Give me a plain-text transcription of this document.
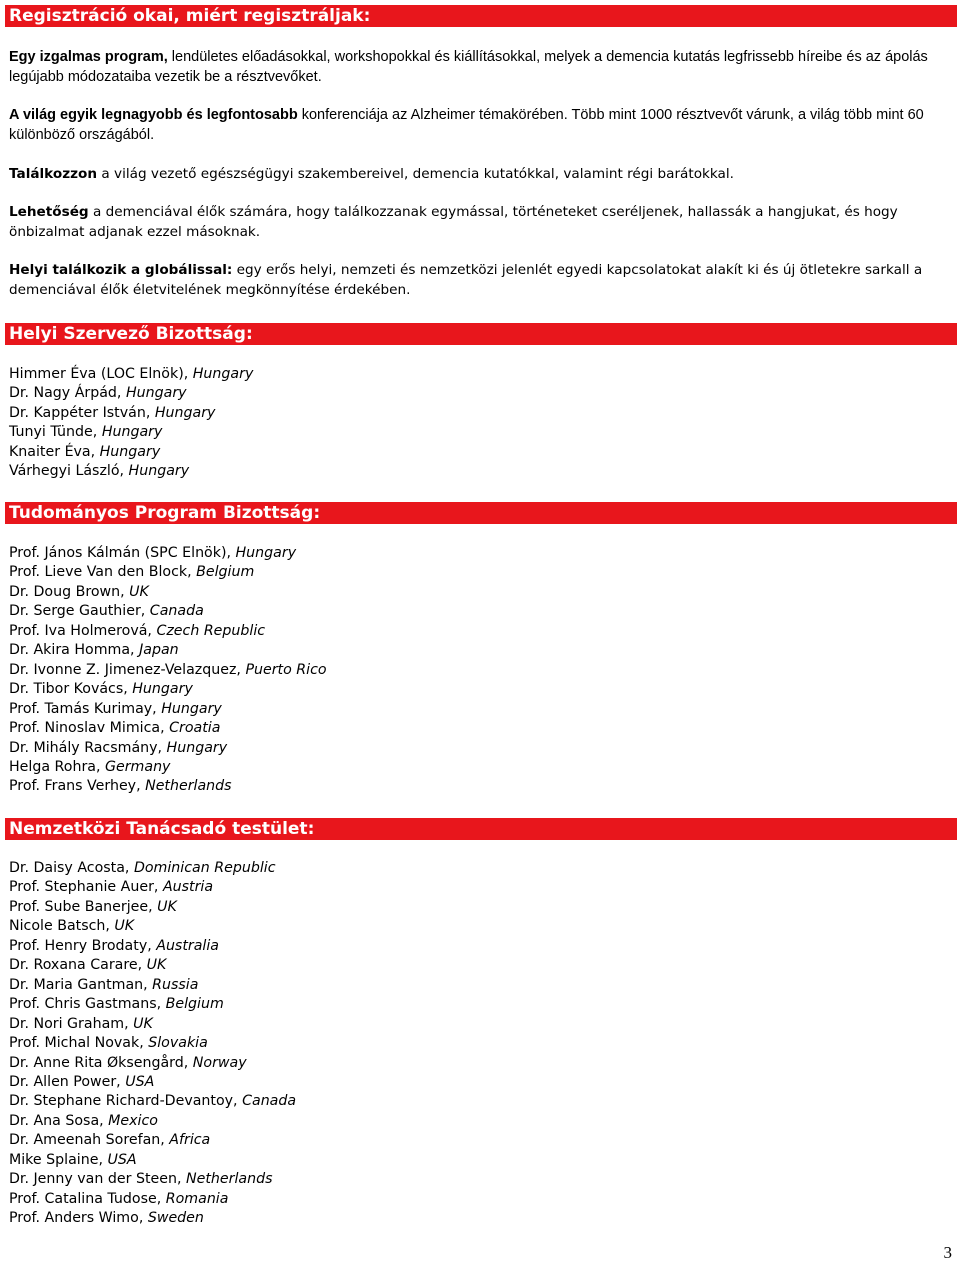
Regisztráció okai, miért regisztráljak:

Egy izgalmas program, lendületes előadásokkal, workshopokkal és kiállításokkal, melyek a demencia kutatás legfrissebb híreibe és az ápolás legújabb módozataiba vezetik be a résztvevőket.

A világ egyik legnagyobb és legfontosabb konferenciája az Alzheimer témakörében. Több mint 1000 résztvevőt várunk, a világ több mint 60 különböző országából.

Találkozzon a világ vezető egészségügyi szakembereivel, demencia kutatókkal, valamint régi barátokkal.

Lehetőség a demenciával élők számára, hogy találkozzanak egymással, történeteket cseréljenek, hallassák a hangjukat, és hogy önbizalmat adjanak ezzel másoknak.

Helyi találkozik a globálissal: egy erős helyi, nemzeti és nemzetközi jelenlét egyedi kapcsolatokat alakít ki és új ötletekre sarkall a demenciával élők életvitelének megkönnyítése érdekében.

Helyi Szervező Bizottság:
Himmer Éva (LOC Elnök), Hungary
Dr. Nagy Árpád, Hungary
Dr. Kappéter István, Hungary
Tunyi Tünde, Hungary
Knaiter Éva, Hungary
Várhegyi László, Hungary
Tudományos Program Bizottság:
Prof. János Kálmán (SPC Elnök), Hungary
Prof. Lieve Van den Block, Belgium
Dr. Doug Brown, UK
Dr. Serge Gauthier, Canada
Prof. Iva Holmerová, Czech Republic
Dr. Akira Homma, Japan
Dr. Ivonne Z. Jimenez-Velazquez, Puerto Rico
Dr. Tibor Kovács, Hungary
Prof. Tamás Kurimay, Hungary
Prof. Ninoslav Mimica, Croatia
Dr. Mihály Racsmány, Hungary
Helga Rohra, Germany
Prof. Frans Verhey, Netherlands
Nemzetközi Tanácsadó testület:
Dr. Daisy Acosta, Dominican Republic
Prof. Stephanie Auer, Austria
Prof. Sube Banerjee, UK
Nicole Batsch, UK
Prof. Henry Brodaty, Australia
Dr. Roxana Carare, UK
Dr. Maria Gantman, Russia
Prof. Chris Gastmans, Belgium
Dr. Nori Graham, UK
Prof. Michal Novak, Slovakia
Dr. Anne Rita Øksengård, Norway
Dr. Allen Power, USA
Dr. Stephane Richard-Devantoy, Canada
Dr. Ana Sosa, Mexico
Dr. Ameenah Sorefan, Africa
Mike Splaine, USA
Dr. Jenny van der Steen, Netherlands
Prof. Catalina Tudose, Romania
Prof. Anders Wimo, Sweden
3
